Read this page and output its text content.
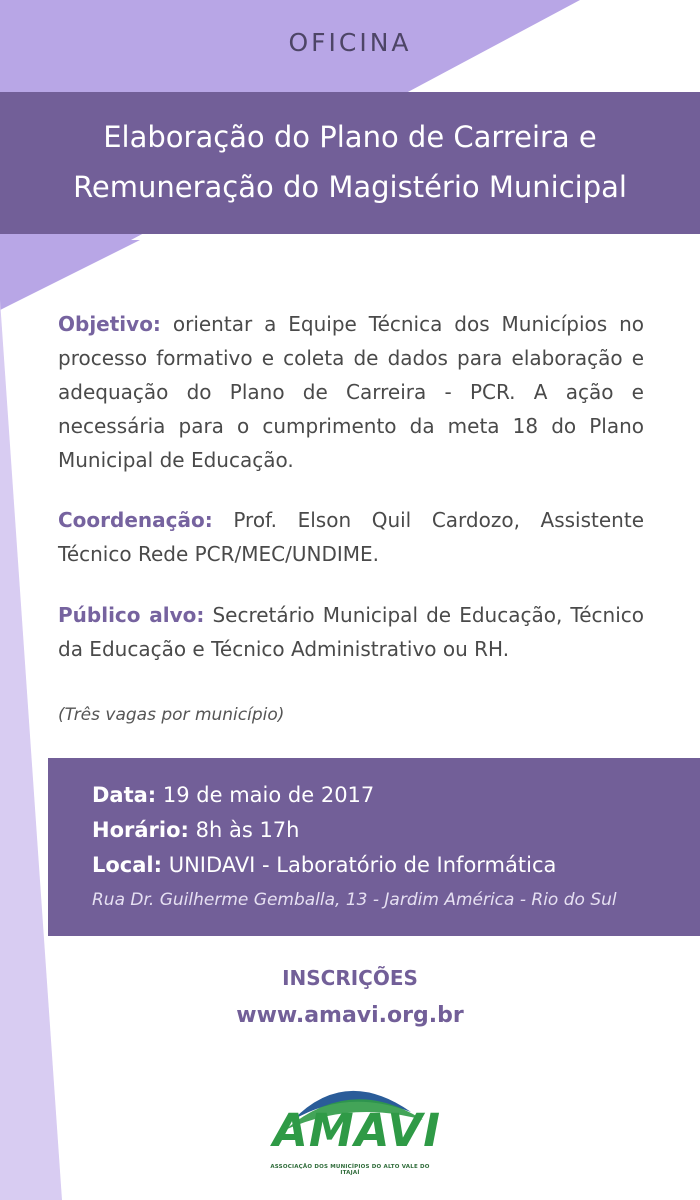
OFICINA
Elaboração do Plano de Carreira e
Remuneração do Magistério Municipal
Objetivo: orientar a Equipe Técnica dos Municípios no processo formativo e coleta de dados para elaboração e adequação do Plano de Carreira - PCR. A ação e necessária para o cumprimento da meta 18 do Plano Municipal de Educação.
Coordenação: Prof. Elson Quil Cardozo, Assistente Técnico Rede PCR/MEC/UNDIME.
Público alvo: Secretário Municipal de Educação, Técnico da Educação e Técnico Administrativo ou RH.
(Três vagas por município)
Data: 19 de maio de 2017
Horário: 8h às 17h
Local: UNIDAVI - Laboratório de Informática
Rua Dr. Guilherme Gemballa, 13 - Jardim América - Rio do Sul
INSCRIÇÕES
www.amavi.org.br
AMAVI
ASSOCIAÇÃO DOS MUNICÍPIOS DO ALTO VALE DO ITAJAÍ
